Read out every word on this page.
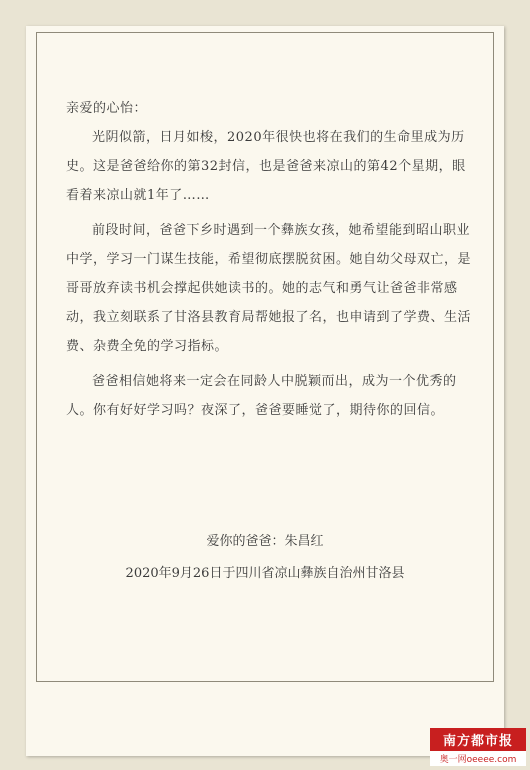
亲爱的心怡：

光阴似箭，日月如梭，2020年很快也将在我们的生命里成为历史。这是爸爸给你的第32封信，也是爸爸来凉山的第42个星期，眼看着来凉山就1年了……

前段时间，爸爸下乡时遇到一个彝族女孩，她希望能到昭山职业中学，学习一门谋生技能，希望彻底摆脱贫困。她自幼父母双亡，是哥哥放弃读书机会撑起供她读书的。她的志气和勇气让爸爸非常感动，我立刻联系了甘洛县教育局帮她报了名，也申请到了学费、生活费、杂费全免的学习指标。

爸爸相信她将来一定会在同龄人中脱颖而出，成为一个优秀的人。你有好好学习吗？夜深了，爸爸要睡觉了，期待你的回信。

爱你的爸爸：朱昌红
2020年9月26日于四川省凉山彝族自治州甘洛县
南方都市报
奥一网oeeee.com
